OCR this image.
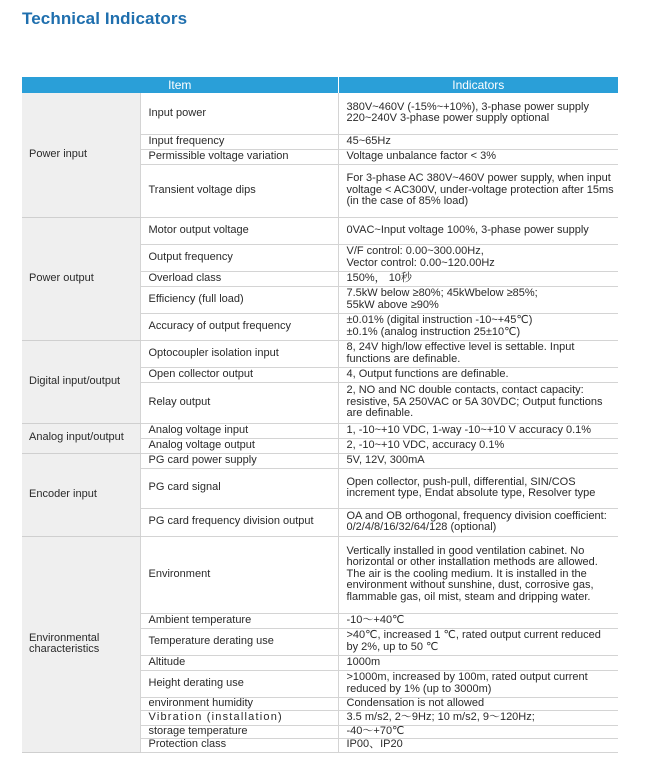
Technical Indicators
Item		Indicators
Power input	Input power	380V~460V (-15%~+10%), 3-phase power supply
220~240V 3-phase power supply optional
	Input frequency	45~65Hz
	Permissible voltage variation	Voltage unbalance factor < 3%
	Transient voltage dips	For 3-phase AC 380V~460V power supply, when input voltage < AC300V, under-voltage protection after 15ms (in the case of 85% load)
Power output	Motor output voltage	0VAC~Input voltage 100%, 3-phase power supply
	Output frequency	V/F control: 0.00~300.00Hz,
Vector control: 0.00~120.00Hz
	Overload class	150%， 10秒
	Efficiency (full load)	7.5kW below ≥80%; 45kWbelow ≥85%;
55kW above ≥90%
	Accuracy of output frequency	±0.01% (digital instruction -10~+45℃)
±0.1% (analog instruction 25±10℃)
Digital input/output	Optocoupler isolation input	8, 24V high/low effective level is settable. Input functions are definable.
	Open collector output	4, Output functions are definable.
	Relay output	2, NO and NC double contacts, contact capacity: resistive, 5A 250VAC or 5A 30VDC; Output functions are definable.
Analog input/output	Analog voltage input	1, -10~+10 VDC, 1-way -10~+10 V accuracy 0.1%
	Analog voltage output	2, -10~+10 VDC, accuracy 0.1%
Encoder input	PG card power supply	5V, 12V, 300mA
	PG card signal	Open collector, push-pull, differential, SIN/COS increment type, Endat absolute type, Resolver type
	PG card frequency division output	OA and OB orthogonal, frequency division coefficient: 0/2/4/8/16/32/64/128 (optional)
Environmental
characteristics	Environment	Vertically installed in good ventilation cabinet. No horizontal or other installation methods are allowed. The air is the cooling medium. It is installed in the environment without sunshine, dust, corrosive gas, flammable gas, oil mist, steam and dripping water.
	Ambient temperature	-10～+40℃
	Temperature derating use	>40℃, increased 1 ℃, rated output current reduced by 2%, up to 50 ℃
	Altitude	1000m
	Height derating use	>1000m, increased by 100m, rated output current reduced by 1% (up to 3000m)
	environment humidity	Condensation is not allowed
	Vibration (installation)	3.5 m/s2, 2～9Hz; 10 m/s2, 9～120Hz;
	storage temperature	-40～+70℃
	Protection class	IP00、IP20
